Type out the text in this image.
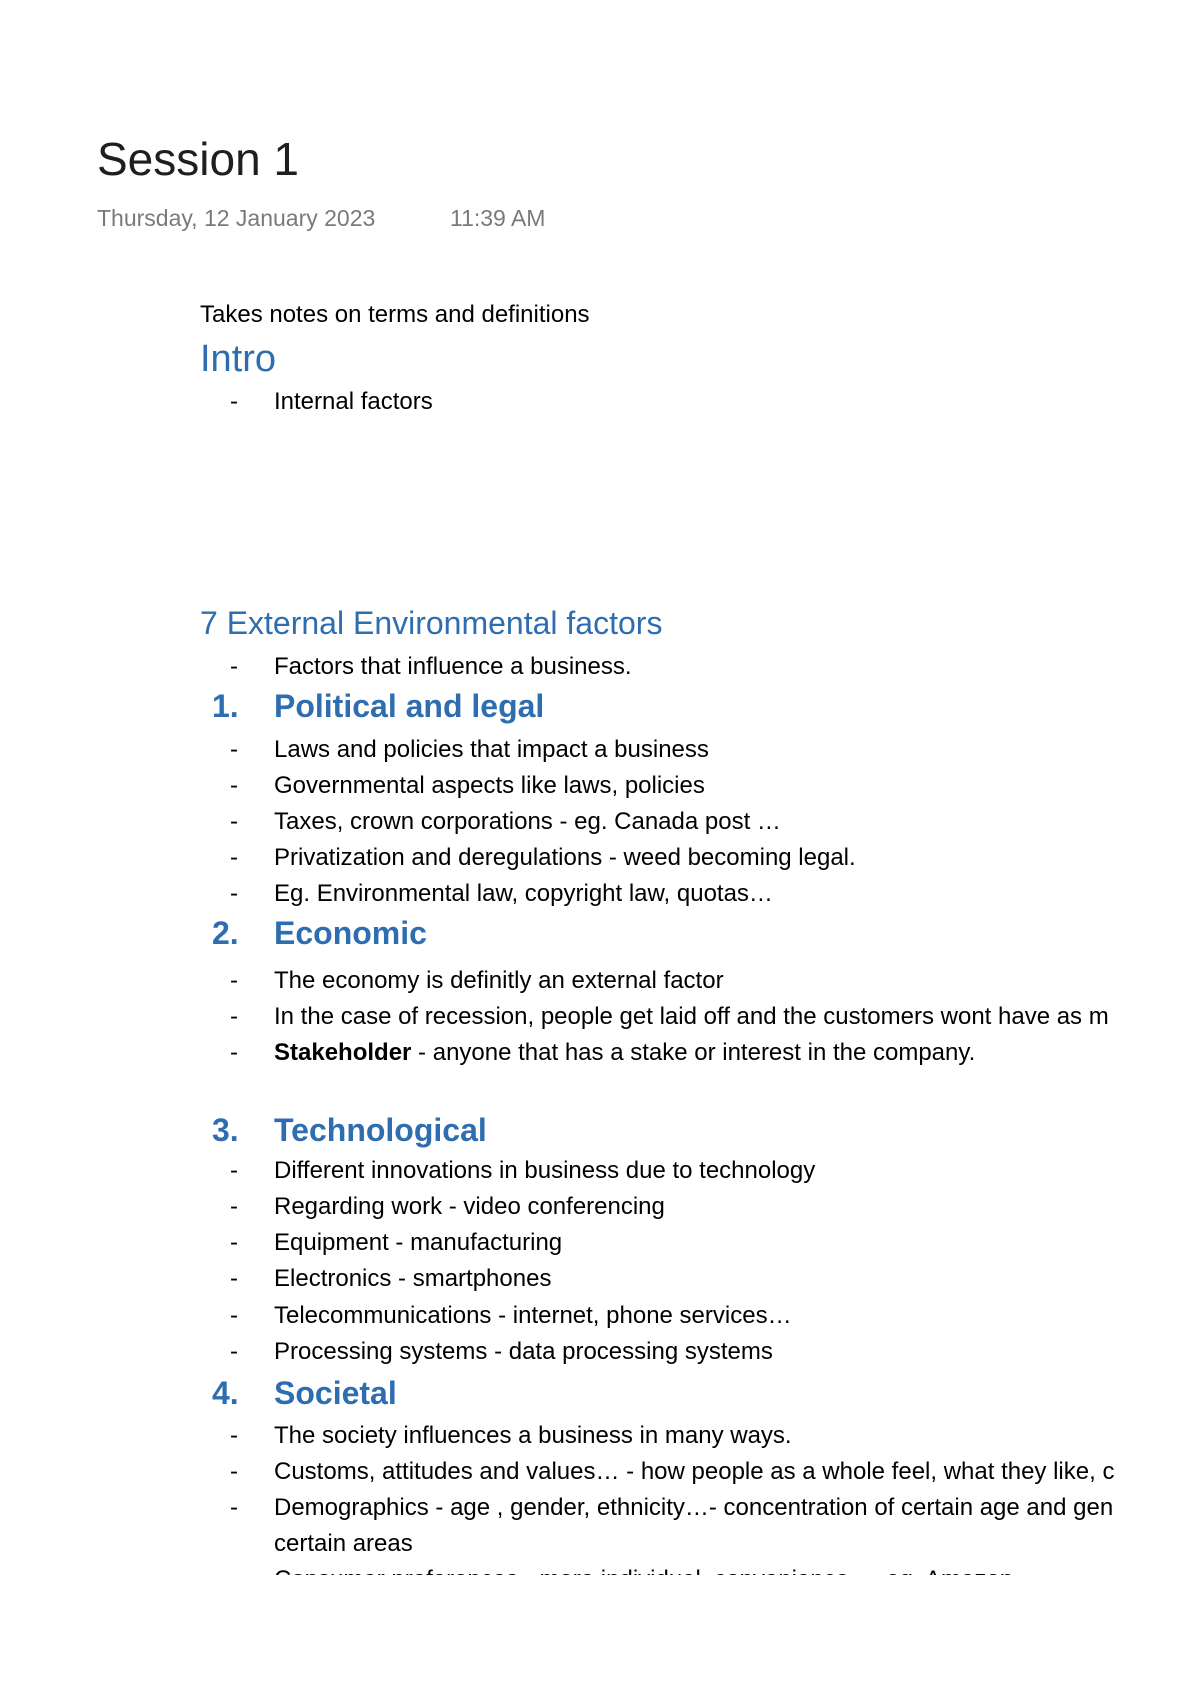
Session 1
Thursday, 12 January 2023	11:39 AM
Takes notes on terms and definitions
Intro
- Internal factors
7 External Environmental factors
- Factors that influence a business.
1. Political and legal
- Laws and policies that impact a business
- Governmental aspects like laws, policies
- Taxes, crown corporations - eg. Canada post …
- Privatization and deregulations - weed becoming legal.
- Eg. Environmental law, copyright law, quotas…
2. Economic
- The economy is definitly an external factor
- In the case of recession, people get laid off and the customers wont have as m
- Stakeholder - anyone that has a stake or interest in the company.
3. Technological
- Different innovations in business due to technology
- Regarding work - video conferencing
- Equipment - manufacturing
- Electronics - smartphones
- Telecommunications - internet, phone services…
- Processing systems - data processing systems
4. Societal
- The society influences a business in many ways.
- Customs, attitudes and values… - how people as a whole feel, what they like, c
- Demographics - age , gender, ethnicity…- concentration of certain age and gen
certain areas
